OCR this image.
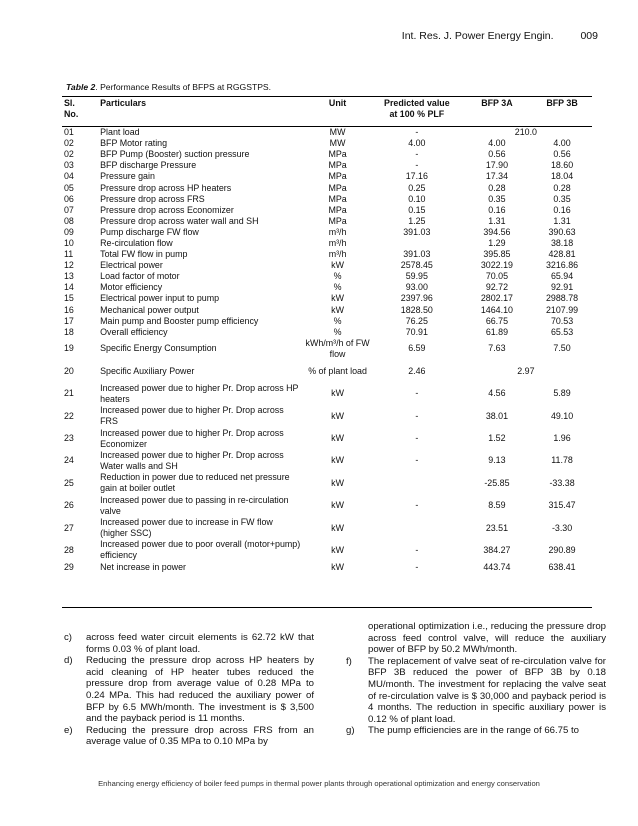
Int. Res. J. Power Energy Engin.	009
Table 2. Performance Results of BFPS at RGGSTPS.
Sl.
No.	Particulars	Unit	Predicted value
at 100 % PLF	BFP 3A	BFP 3B
01	Plant load	MW	-	210.0	
02	BFP Motor rating	MW	4.00	4.00	4.00
02	BFP Pump (Booster) suction pressure	MPa	-	0.56	0.56
03	BFP discharge Pressure	MPa	-	17.90	18.60
04	Pressure gain	MPa	17.16	17.34	18.04
05	Pressure drop across HP heaters	MPa	0.25	0.28	0.28
06	Pressure drop across FRS	MPa	0.10	0.35	0.35
07	Pressure drop across Economizer	MPa	0.15	0.16	0.16
08	Pressure drop across water wall and SH	MPa	1.25	1.31	1.31
09	Pump discharge FW flow	m³/h	391.03	394.56	390.63
10	Re-circulation flow	m³/h		1.29	38.18
11	Total FW flow in pump	m³/h	391.03	395.85	428.81
12	Electrical power	kW	2578.45	3022.19	3216.86
13	Load factor of motor	%	59.95	70.05	65.94
14	Motor efficiency	%	93.00	92.72	92.91
15	Electrical power input to pump	kW	2397.96	2802.17	2988.78
16	Mechanical power output	kW	1828.50	1464.10	2107.99
17	Main pump and Booster pump efficiency	%	76.25	66.75	70.53
18	Overall efficiency	%	70.91	61.89	65.53
19	Specific Energy Consumption	kWh/m³/h of FW flow	6.59	7.63	7.50
20	Specific Auxiliary Power	% of plant load	2.46	2.97	
21	Increased power due to higher Pr. Drop across HP heaters	kW	-	4.56	5.89
22	Increased power due to higher Pr. Drop across FRS	kW	-	38.01	49.10
23	Increased power due to higher Pr. Drop across Economizer	kW	-	1.52	1.96
24	Increased power due to higher Pr. Drop across Water walls and SH	kW	-	9.13	11.78
25	Reduction in power due to reduced net pressure gain at boiler outlet	kW		-25.85	-33.38
26	Increased power due to passing in re-circulation valve	kW	-	8.59	315.47
27	Increased power due to increase in FW flow (higher SSC)	kW		23.51	-3.30
28	Increased power due to poor overall (motor+pump) efficiency	kW	-	384.27	290.89
29	Net increase in power	kW	-	443.74	638.41
c)	across feed water circuit elements is 62.72 kW that forms 0.03 % of plant load.
d)	Reducing the pressure drop across HP heaters by acid cleaning of HP heater tubes reduced the pressure drop from average value of 0.28 MPa to 0.24 MPa. This had reduced the auxiliary power of BFP by 6.5 MWh/month. The investment is $ 3,500 and the payback period is 11 months.
e)	Reducing the pressure drop across FRS from an average value of 0.35 MPa to 0.10 MPa by
operational optimization i.e., reducing the pressure drop across feed control valve, will reduce the auxiliary power of BFP by 50.2 MWh/month.
f)	The replacement of valve seat of re-circulation valve for BFP 3B reduced the power of BFP 3B by 0.18 MU/month. The investment for replacing the valve seat of re-circulation valve is $ 30,000 and payback period is 4 months. The reduction in specific auxiliary power is 0.12 % of plant load.
g)	The pump efficiencies are in the range of 66.75 to
Enhancing energy efficiency of boiler feed pumps in thermal power plants through operational optimization and energy conservation
